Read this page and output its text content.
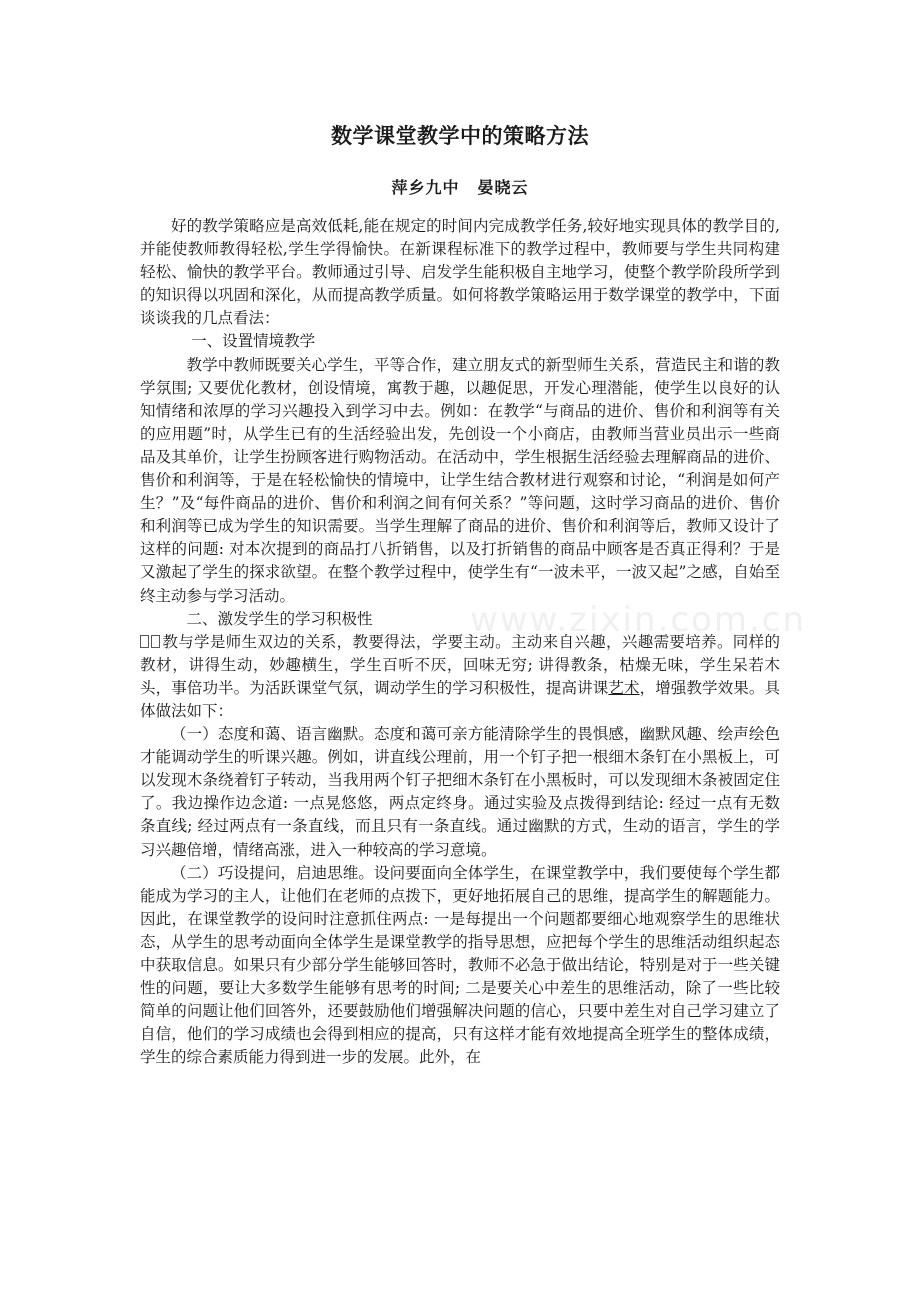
www.zixin.com.cn
数学课堂教学中的策略方法
萍乡九中 晏晓云

好的教学策略应是高效低耗,能在规定的时间内完成教学任务,较好地实现具体的教学目的,并能使教师教得轻松,学生学得愉快。在新课程标准下的教学过程中，教师要与学生共同构建轻松、愉快的教学平台。教师通过引导、启发学生能积极自主地学习，使整个教学阶段所学到的知识得以巩固和深化，从而提高教学质量。如何将教学策略运用于数学课堂的教学中，下面谈谈我的几点看法：

一、设置情境教学

教学中教师既要关心学生，平等合作，建立朋友式的新型师生关系，营造民主和谐的教学氛围; 又要优化教材，创设情境，寓教于趣，以趣促思，开发心理潜能，使学生以良好的认知情绪和浓厚的学习兴趣投入到学习中去。例如：在教学“与商品的进价、售价和利润等有关的应用题”时，从学生已有的生活经验出发，先创设一个小商店，由教师当营业员出示一些商品及其单价，让学生扮顾客进行购物活动。在活动中，学生根据生活经验去理解商品的进价、售价和利润等，于是在轻松愉快的情境中，让学生结合教材进行观察和讨论，“利润是如何产生？”及“每件商品的进价、售价和利润之间有何关系？”等问题，这时学习商品的进价、售价和利润等已成为学生的知识需要。当学生理解了商品的进价、售价和利润等后，教师又设计了这样的问题: 对本次提到的商品打八折销售，以及打折销售的商品中顾客是否真正得利？于是又激起了学生的探求欲望。在整个教学过程中，使学生有“一波未平，一波又起”之感，自始至终主动参与学习活动。

二、激发学生的学习积极性

教与学是师生双边的关系，教要得法，学要主动。主动来自兴趣，兴趣需要培养。同样的教材，讲得生动，妙趣横生，学生百听不厌，回味无穷; 讲得教条，枯燥无味，学生呆若木头，事倍功半。为活跃课堂气氛，调动学生的学习积极性，提高讲课艺术，增强教学效果。具体做法如下：

（一）态度和蔼、语言幽默。态度和蔼可亲方能清除学生的畏惧感，幽默风趣、绘声绘色才能调动学生的听课兴趣。例如，讲直线公理前，用一个钉子把一根细木条钉在小黑板上，可以发现木条绕着钉子转动，当我用两个钉子把细木条钉在小黑板时，可以发现细木条被固定住了。我边操作边念道: 一点晃悠悠，两点定终身。通过实验及点拨得到结论: 经过一点有无数条直线; 经过两点有一条直线，而且只有一条直线。通过幽默的方式，生动的语言，学生的学习兴趣倍增，情绪高涨，进入一种较高的学习意境。

（二）巧设提问，启迪思维。设问要面向全体学生，在课堂教学中，我们要使每个学生都能成为学习的主人，让他们在老师的点拨下，更好地拓展自己的思维，提高学生的解题能力。因此，在课堂教学的设问时注意抓住两点: 一是每提出一个问题都要细心地观察学生的思维状态，从学生的思考动面向全体学生是课堂教学的指导思想，应把每个学生的思维活动组织起态中获取信息。如果只有少部分学生能够回答时，教师不必急于做出结论，特别是对于一些关键性的问题，要让大多数学生能够有思考的时间; 二是要关心中差生的思维活动，除了一些比较简单的问题让他们回答外，还要鼓励他们增强解决问题的信心，只要中差生对自己学习建立了自信，他们的学习成绩也会得到相应的提高，只有这样才能有效地提高全班学生的整体成绩，学生的综合素质能力得到进一步的发展。此外，在
